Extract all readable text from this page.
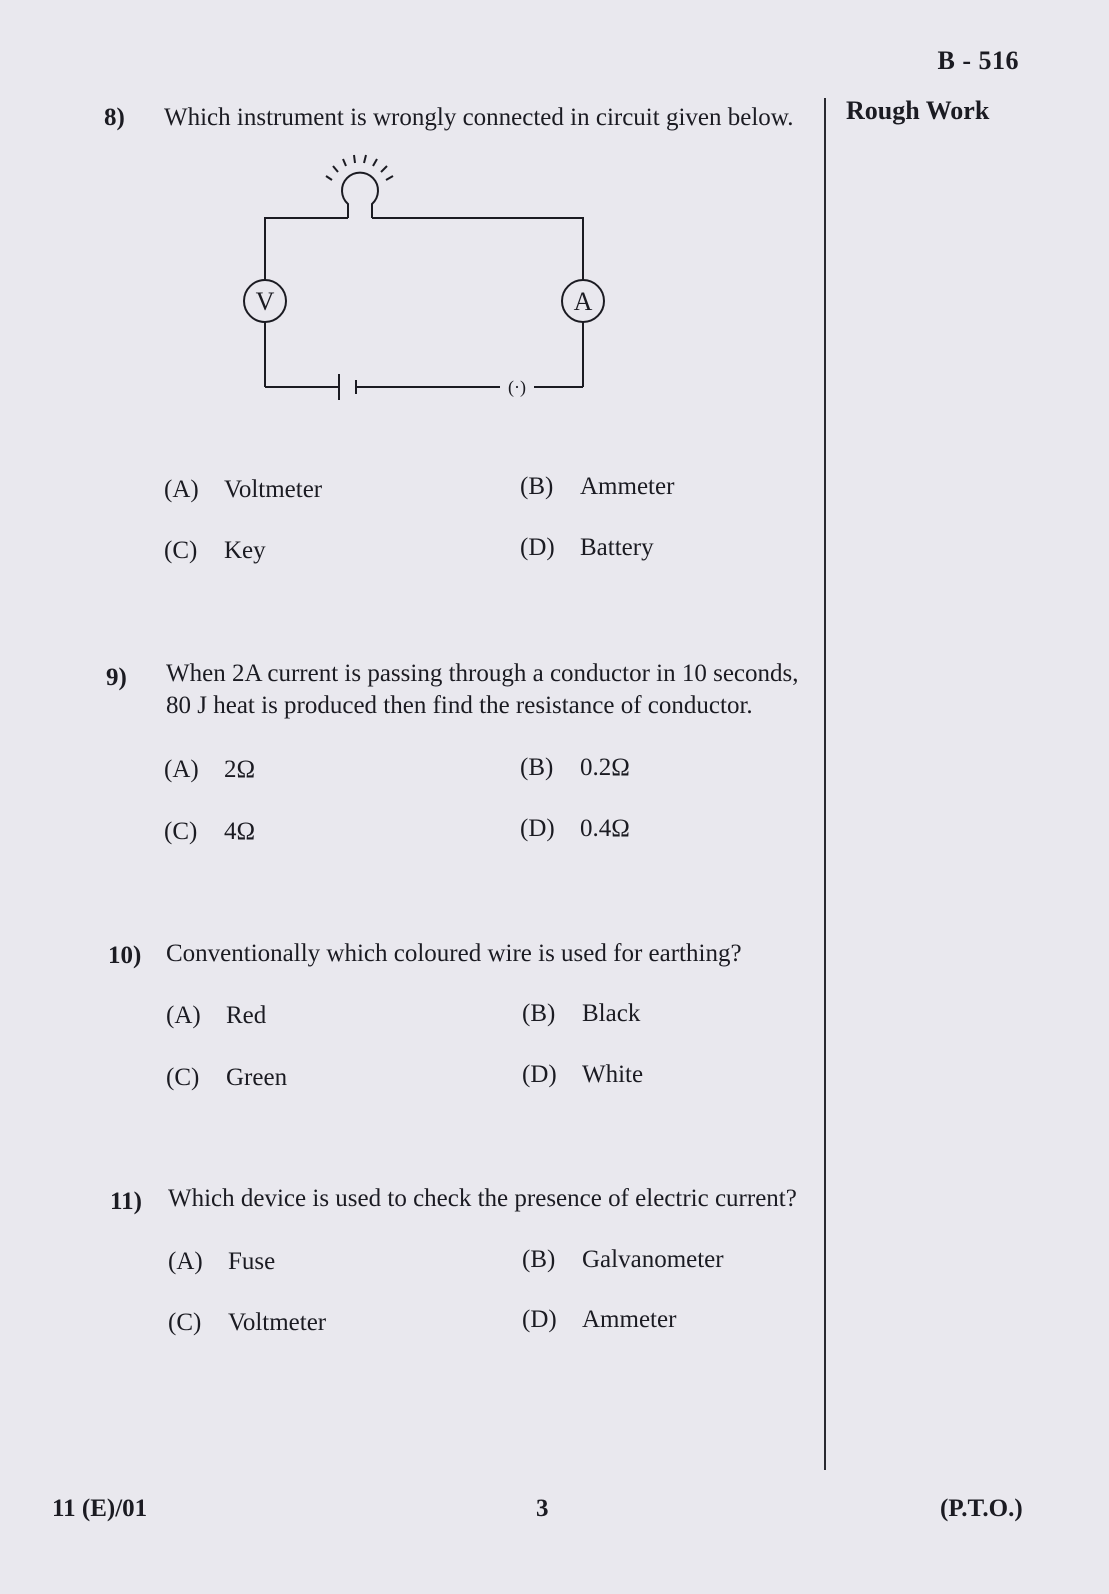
B - 516
Rough Work
8) Which instrument is wrongly connected in circuit given below.
V	A
(·)
(A) Voltmeter	(B) Ammeter
(C) Key	(D) Battery
9) When 2A current is passing through a conductor in 10 seconds,
80 J heat is produced then find the resistance of conductor.
(A) 2Ω	(B) 0.2Ω
(C) 4Ω	(D) 0.4Ω
10) Conventionally which coloured wire is used for earthing?
(A) Red	(B) Black
(C) Green	(D) White
11) Which device is used to check the presence of electric current?
(A) Fuse	(B) Galvanometer
(C) Voltmeter	(D) Ammeter
11 (E)/01	3	(P.T.O.)
